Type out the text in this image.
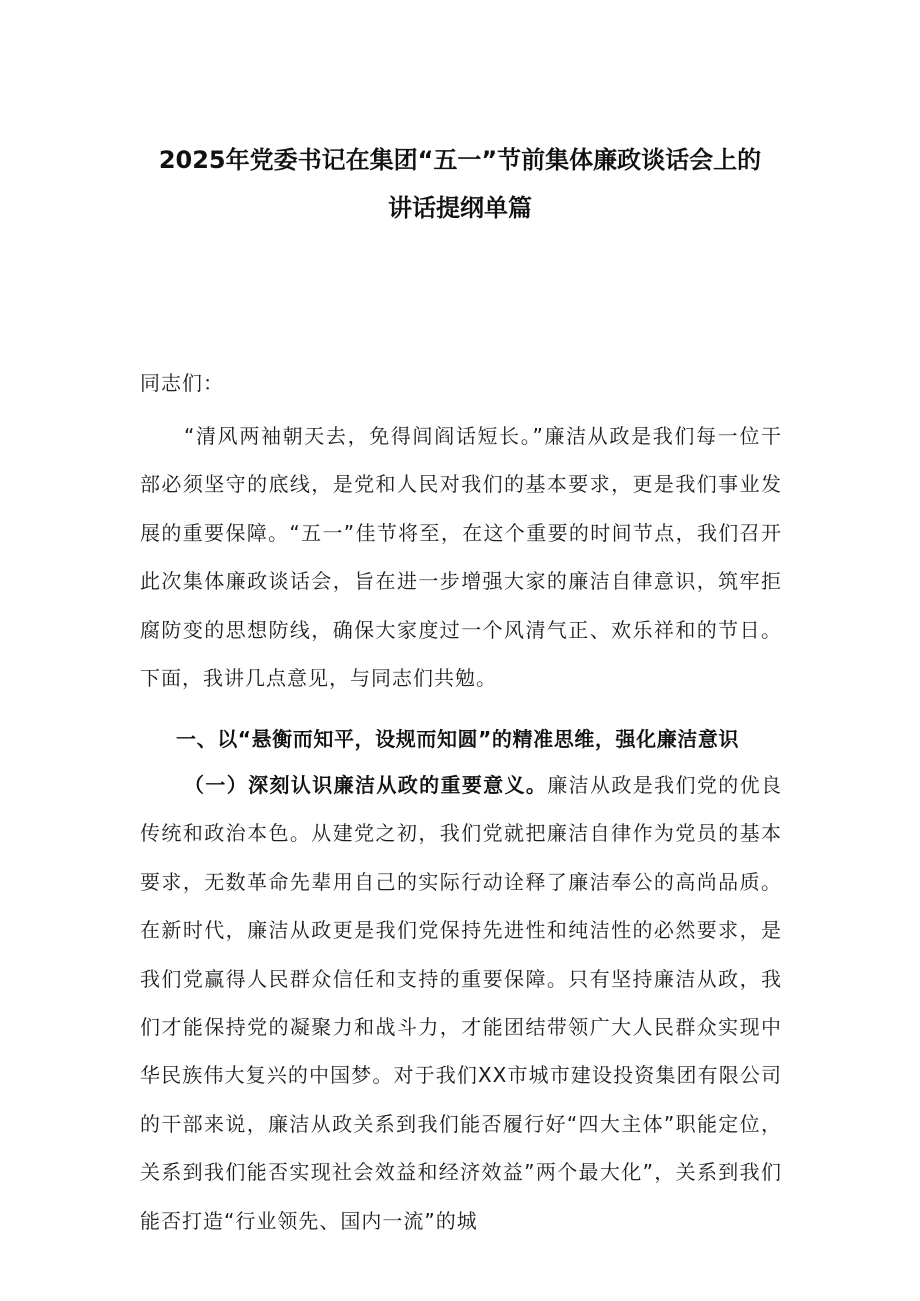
2025年党委书记在集团“五一”节前集体廉政谈话会上的
讲话提纲单篇
同志们：
“清风两袖朝天去，免得闾阎话短长。”廉洁从政是我们每一位干部必须坚守的底线，是党和人民对我们的基本要求，更是我们事业发展的重要保障。“五一”佳节将至，在这个重要的时间节点，我们召开此次集体廉政谈话会，旨在进一步增强大家的廉洁自律意识，筑牢拒腐防变的思想防线，确保大家度过一个风清气正、欢乐祥和的节日。下面，我讲几点意见，与同志们共勉。
一、以“悬衡而知平，设规而知圆”的精准思维，强化廉洁意识
（一）深刻认识廉洁从政的重要意义。廉洁从政是我们党的优良传统和政治本色。从建党之初，我们党就把廉洁自律作为党员的基本要求，无数革命先辈用自己的实际行动诠释了廉洁奉公的高尚品质。在新时代，廉洁从政更是我们党保持先进性和纯洁性的必然要求，是我们党赢得人民群众信任和支持的重要保障。只有坚持廉洁从政，我们才能保持党的凝聚力和战斗力，才能团结带领广大人民群众实现中华民族伟大复兴的中国梦。对于我们XX市城市建设投资集团有限公司的干部来说，廉洁从政关系到我们能否履行好“四大主体”职能定位，关系到我们能否实现社会效益和经济效益”两个最大化”，关系到我们能否打造“行业领先、国内一流”的城
